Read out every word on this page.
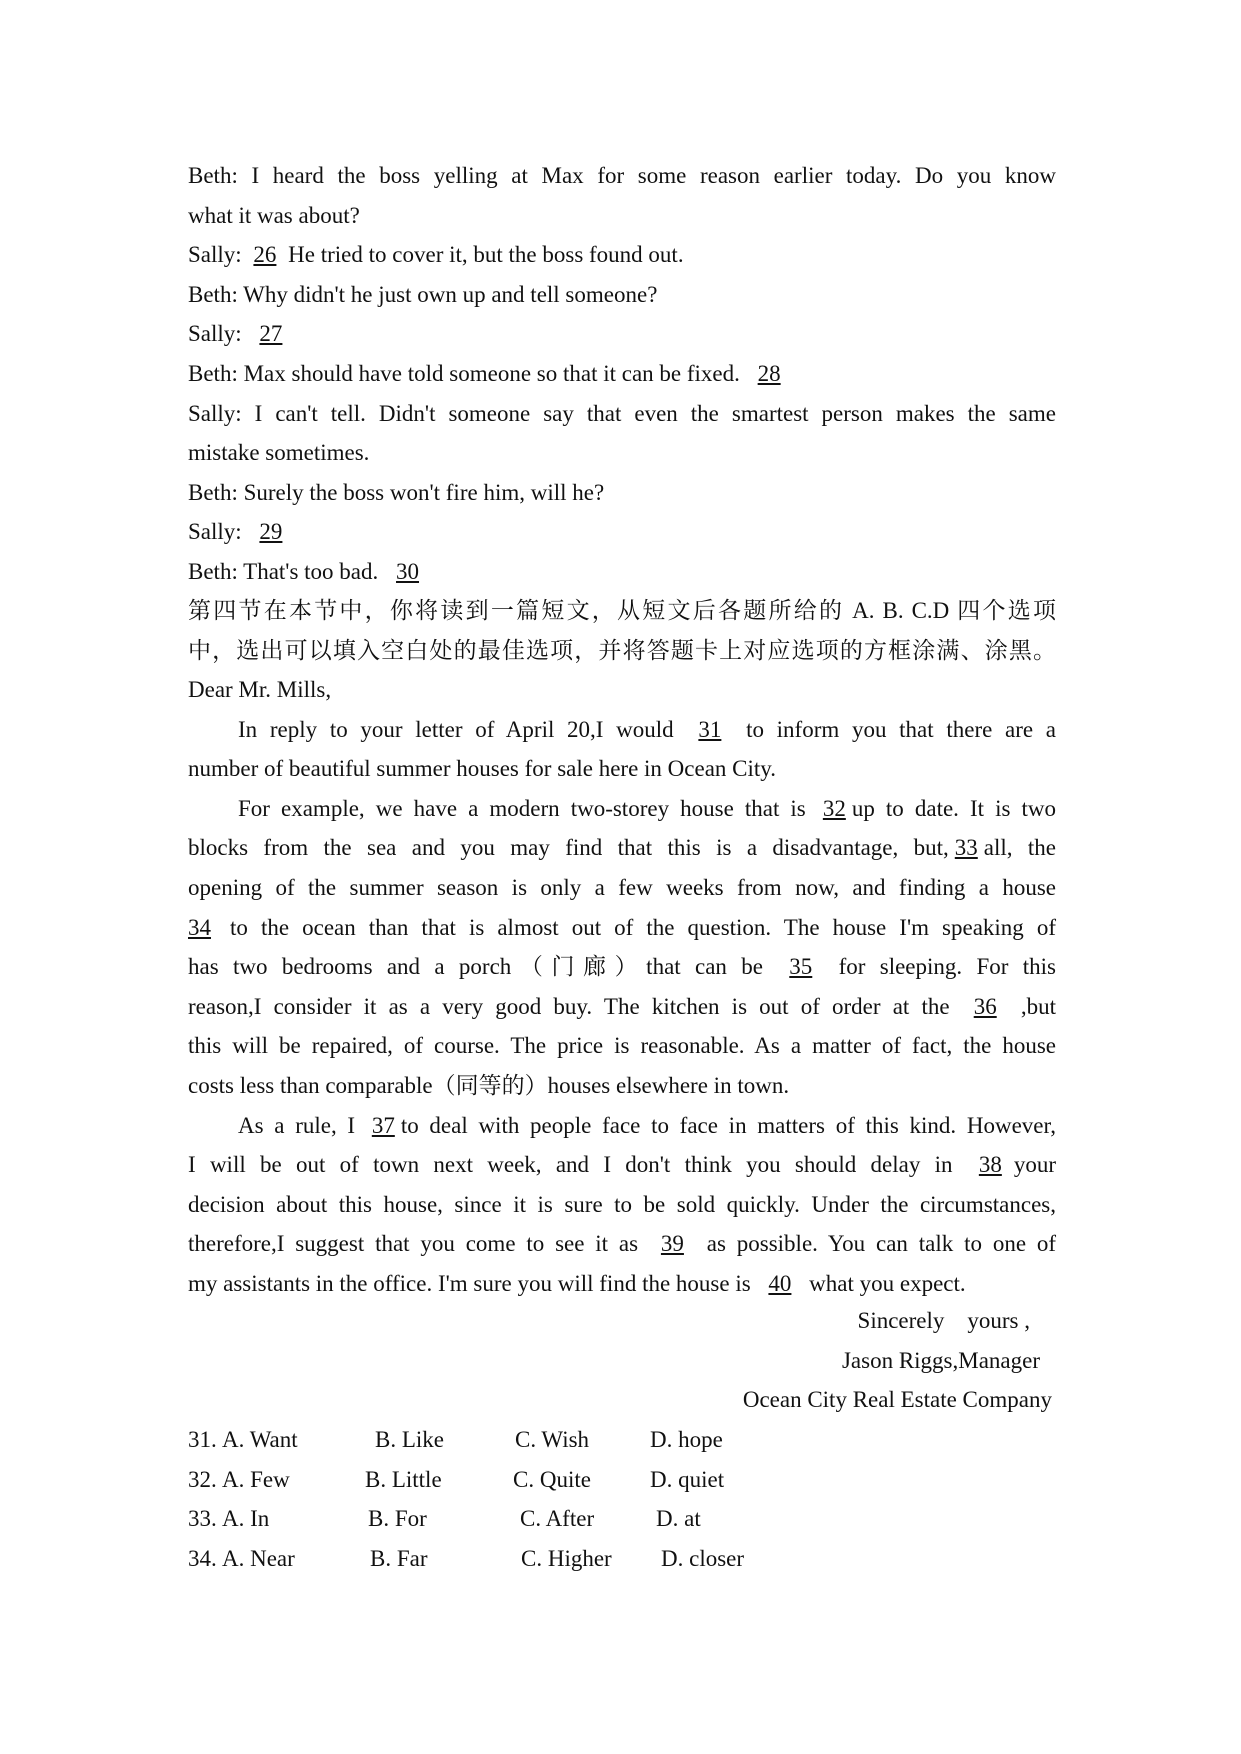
Beth: I heard the boss yelling at Max for some reason earlier today. Do you know
what it was about?
Sally: 26 He tried to cover it, but the boss found out.
Beth: Why didn't he just own up and tell someone?
Sally: 27
Beth: Max should have told someone so that it can be fixed. 28
Sally: I can't tell. Didn't someone say that even the smartest person makes the same
mistake sometimes.
Beth: Surely the boss won't fire him, will he?
Sally: 29
Beth: That's too bad. 30
第四节在本节中，你将读到一篇短文，从短文后各题所给的 A. B. C.D 四个选项
中，选出可以填入空白处的最佳选项，并将答题卡上对应选项的方框涂满、涂黑。
Dear Mr. Mills,
In reply to your letter of April 20,I would 31 to inform you that there are a
number of beautiful summer houses for sale here in Ocean City.
For example, we have a modern two-storey house that is 32 up to date. It is two
blocks from the sea and you may find that this is a disadvantage, but, 33 all, the
opening of the summer season is only a few weeks from now, and finding a house
34 to the ocean than that is almost out of the question. The house I'm speaking of
has two bedrooms and a porch（门廊）that can be 35 for sleeping. For this
reason,I consider it as a very good buy. The kitchen is out of order at the 36 ,but
this will be repaired, of course. The price is reasonable. As a matter of fact, the house
costs less than comparable（同等的）houses elsewhere in town.
As a rule, I 37 to deal with people face to face in matters of this kind. However,
I will be out of town next week, and I don't think you should delay in 38 your
decision about this house, since it is sure to be sold quickly. Under the circumstances,
therefore,I suggest that you come to see it as 39 as possible. You can talk to one of
my assistants in the office. I'm sure you will find the house is 40 what you expect.
Sincerely    yours ,
Jason Riggs,Manager
Ocean City Real Estate Company
31. A. Want	B. Like	C. Wish	D. hope
32. A. Few	B. Little	C. Quite	D. quiet
33. A. In	B. For	C. After	D. at
34. A. Near	B. Far	C. Higher D. closer
